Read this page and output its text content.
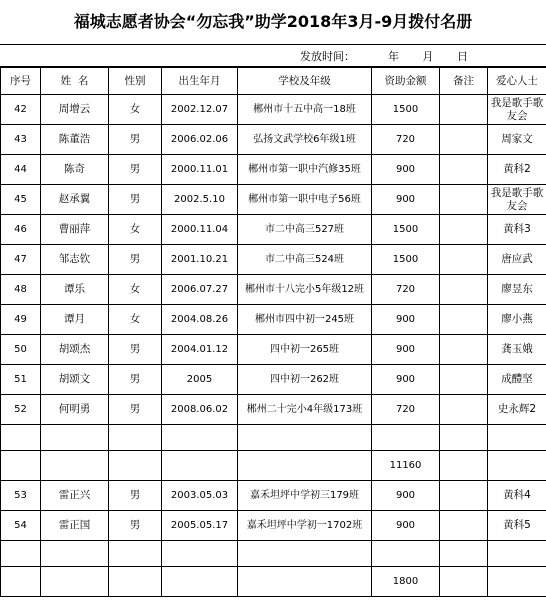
福城志愿者协会“勿忘我”助学2018年3月-9月拨付名册
发放时间：	年 月 日
序号	姓  名	性别	出生年月	学校及年级	资助金额	备注	爱心人士
42	周增云	女	2002.12.07	郴州市十五中高一18班	1500		我是歌手歌友会
43	陈董浩	男	2006.02.06	弘扬文武学校6年级1班	720		周家文
44	陈奇	男	2000.11.01	郴州市第一职中汽修35班	900		黄科2
45	赵承翼	男	2002.5.10	郴州市第一职中电子56班	900		我是歌手歌友会
46	曹丽萍	女	2000.11.04	市二中高三527班	1500		黄科3
47	邹志钦	男	2001.10.21	市二中高三524班	1500		唐应武
48	谭乐	女	2006.07.27	郴州市十八完小5年级12班	720		廖昱东
49	谭月	女	2004.08.26	郴州市四中初一245班	900		廖小燕
50	胡颂杰	男	2004.01.12	四中初一265班	900		龚玉娥
51	胡颂文	男	2005	四中初一262班	900		成醴坚
52	何明勇	男	2008.06.02	郴州二十完小4年级173班	720		史永辉2

					11160		
53	雷正兴	男	2003.05.03	嘉禾坦坪中学初三179班	900		黄科4
54	雷正国	男	2005.05.17	嘉禾坦坪中学初一1702班	900		黄科5

					1800		
